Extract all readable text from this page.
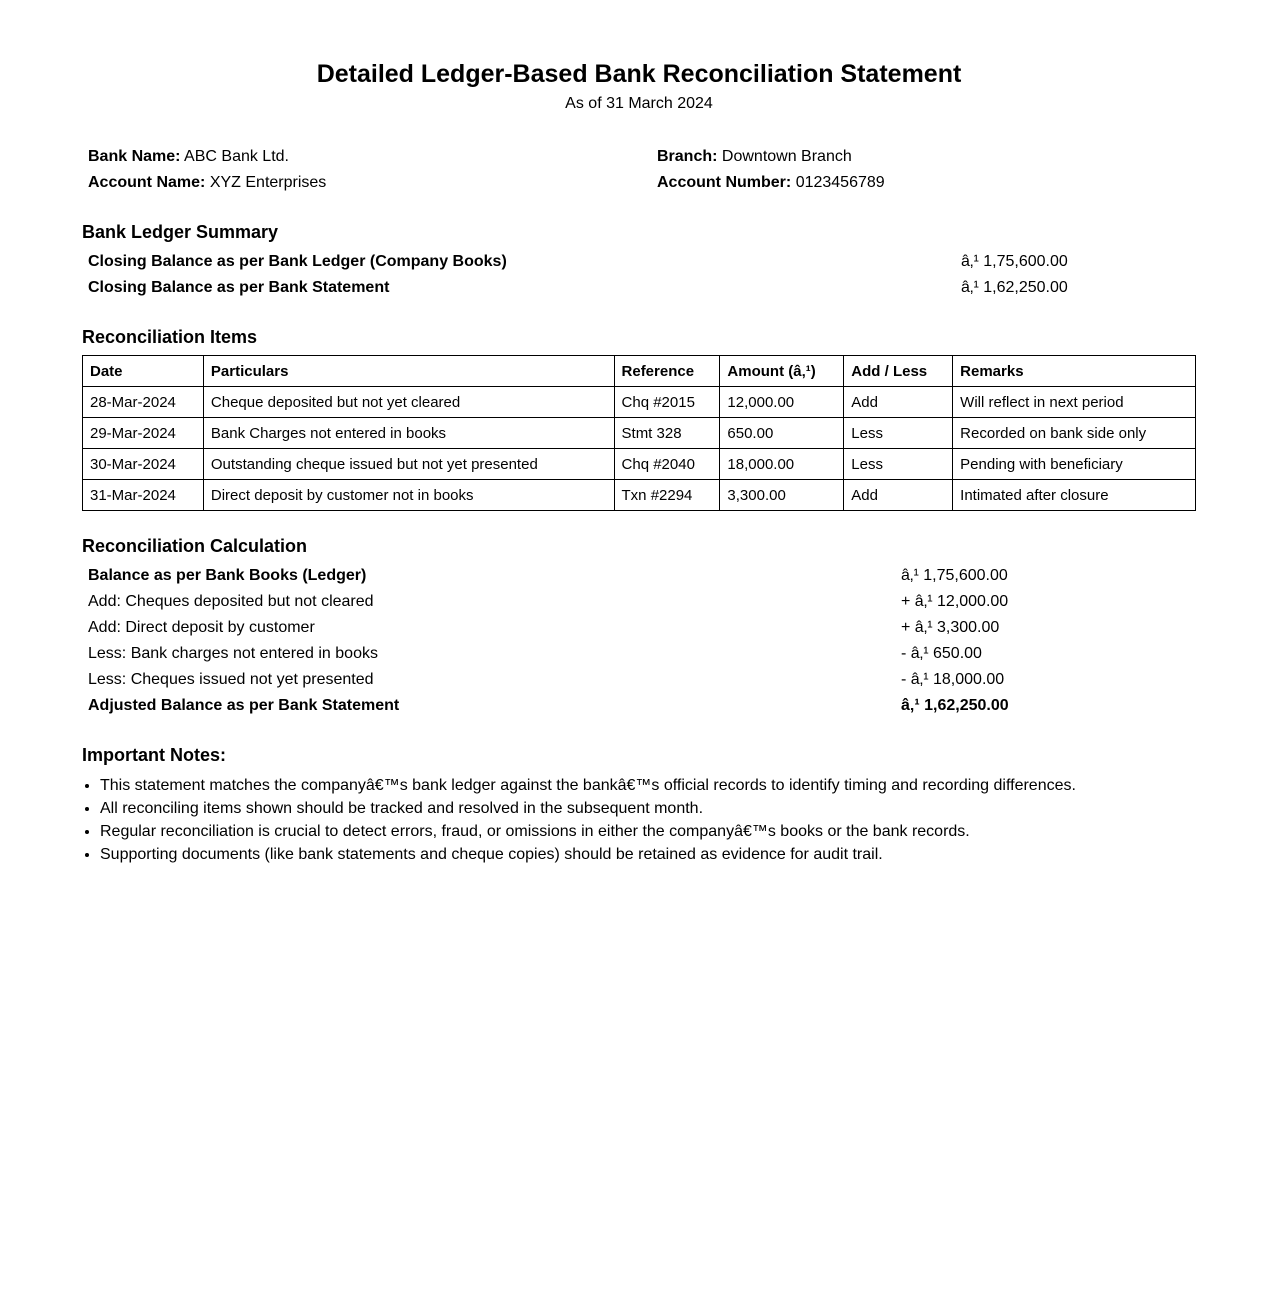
Detailed Ledger-Based Bank Reconciliation Statement
As of 31 March 2024
Bank Name: ABC Bank Ltd.	Branch: Downtown Branch
Account Name: XYZ Enterprises	Account Number: 0123456789
Bank Ledger Summary
Closing Balance as per Bank Ledger (Company Books)	â‚¹ 1,75,600.00
Closing Balance as per Bank Statement	â‚¹ 1,62,250.00
Reconciliation Items
Date	Particulars	Reference	Amount (â‚¹)	Add / Less	Remarks
28-Mar-2024	Cheque deposited but not yet cleared	Chq #2015	12,000.00	Add	Will reflect in next period
29-Mar-2024	Bank Charges not entered in books	Stmt 328	650.00	Less	Recorded on bank side only
30-Mar-2024	Outstanding cheque issued but not yet presented	Chq #2040	18,000.00	Less	Pending with beneficiary
31-Mar-2024	Direct deposit by customer not in books	Txn #2294	3,300.00	Add	Intimated after closure
Reconciliation Calculation
Balance as per Bank Books (Ledger)	â‚¹ 1,75,600.00
Add: Cheques deposited but not cleared	+ â‚¹ 12,000.00
Add: Direct deposit by customer	+ â‚¹ 3,300.00
Less: Bank charges not entered in books	- â‚¹ 650.00
Less: Cheques issued not yet presented	- â‚¹ 18,000.00
Adjusted Balance as per Bank Statement	â‚¹ 1,62,250.00
Important Notes:
• This statement matches the companyâ€™s bank ledger against the bankâ€™s official records to identify timing and recording differences.
• All reconciling items shown should be tracked and resolved in the subsequent month.
• Regular reconciliation is crucial to detect errors, fraud, or omissions in either the companyâ€™s books or the bank records.
• Supporting documents (like bank statements and cheque copies) should be retained as evidence for audit trail.
